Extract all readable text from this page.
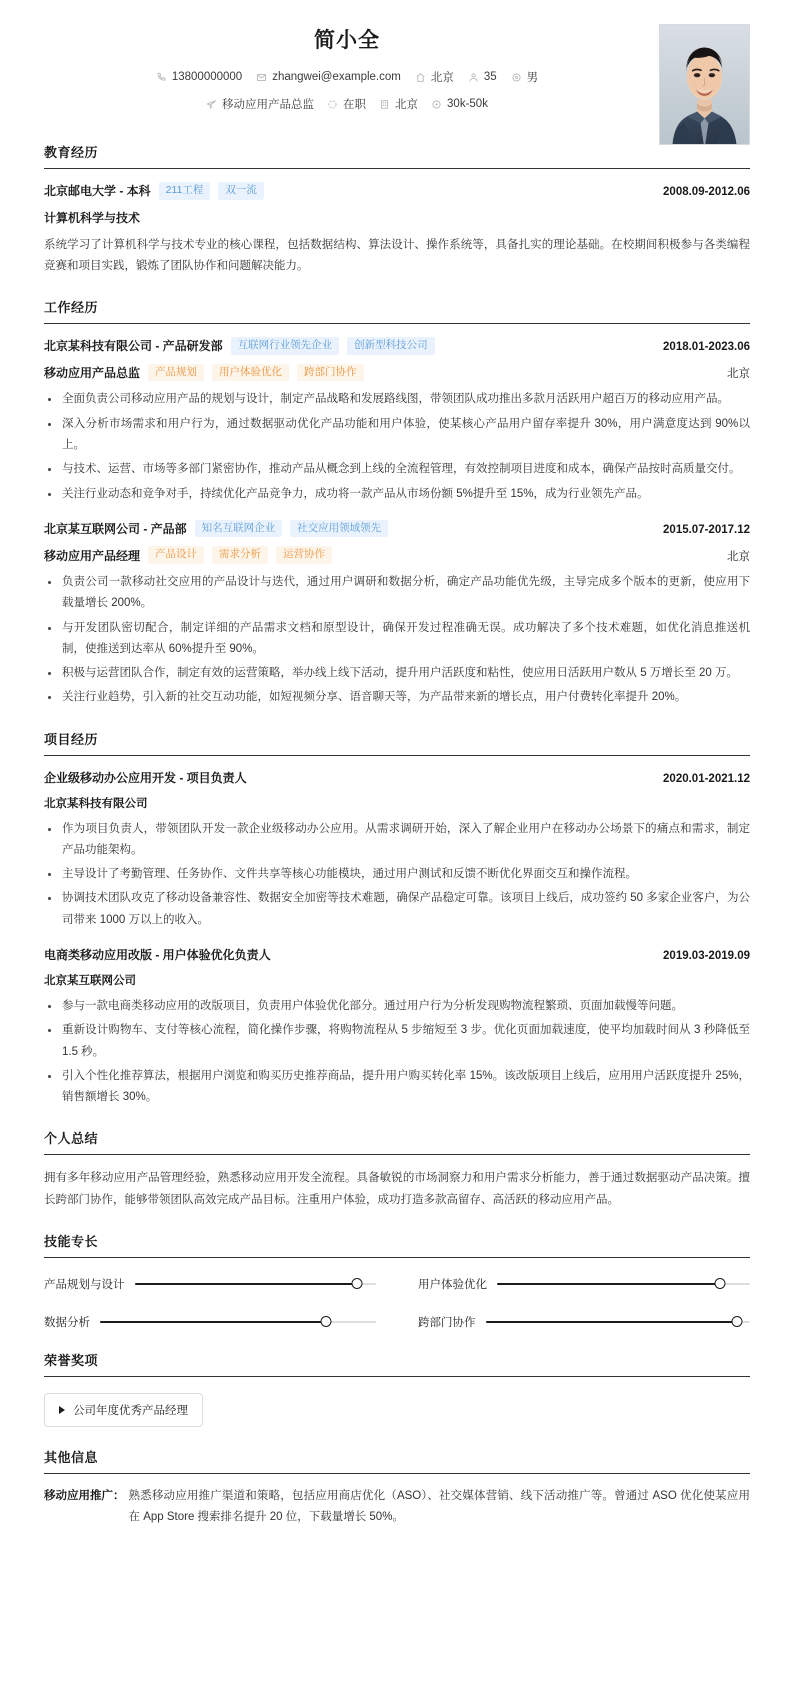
简小全
13800000000	zhangwei@example.com	北京	35	男
移动应用产品总监	在职	北京	30k-50k
教育经历
北京邮电大学 - 本科	211工程	双一流	2008.09-2012.06
计算机科学与技术
系统学习了计算机科学与技术专业的核心课程，包括数据结构、算法设计、操作系统等，具备扎实的理论基础。在校期间积极参与各类编程竞赛和项目实践，锻炼了团队协作和问题解决能力。
工作经历
北京某科技有限公司 - 产品研发部	互联网行业领先企业	创新型科技公司	2018.01-2023.06
移动应用产品总监	产品规划	用户体验优化	跨部门协作	北京
全面负责公司移动应用产品的规划与设计，制定产品战略和发展路线图，带领团队成功推出多款月活跃用户超百万的移动应用产品。
深入分析市场需求和用户行为，通过数据驱动优化产品功能和用户体验，使某核心产品用户留存率提升 30%，用户满意度达到 90%以上。
与技术、运营、市场等多部门紧密协作，推动产品从概念到上线的全流程管理，有效控制项目进度和成本，确保产品按时高质量交付。
关注行业动态和竞争对手，持续优化产品竞争力，成功将一款产品从市场份额 5%提升至 15%，成为行业领先产品。
北京某互联网公司 - 产品部	知名互联网企业	社交应用领域领先	2015.07-2017.12
移动应用产品经理	产品设计	需求分析	运营协作	北京
负责公司一款移动社交应用的产品设计与迭代，通过用户调研和数据分析，确定产品功能优先级，主导完成多个版本的更新，使应用下载量增长 200%。
与开发团队密切配合，制定详细的产品需求文档和原型设计，确保开发过程准确无误。成功解决了多个技术难题，如优化消息推送机制，使推送到达率从 60%提升至 90%。
积极与运营团队合作，制定有效的运营策略，举办线上线下活动，提升用户活跃度和粘性，使应用日活跃用户数从 5 万增长至 20 万。
关注行业趋势，引入新的社交互动功能，如短视频分享、语音聊天等，为产品带来新的增长点，用户付费转化率提升 20%。
项目经历
企业级移动办公应用开发 - 项目负责人	2020.01-2021.12
北京某科技有限公司
作为项目负责人，带领团队开发一款企业级移动办公应用。从需求调研开始，深入了解企业用户在移动办公场景下的痛点和需求，制定产品功能架构。
主导设计了考勤管理、任务协作、文件共享等核心功能模块，通过用户测试和反馈不断优化界面交互和操作流程。
协调技术团队攻克了移动设备兼容性、数据安全加密等技术难题，确保产品稳定可靠。该项目上线后，成功签约 50 多家企业客户，为公司带来 1000 万以上的收入。
电商类移动应用改版 - 用户体验优化负责人	2019.03-2019.09
北京某互联网公司
参与一款电商类移动应用的改版项目，负责用户体验优化部分。通过用户行为分析发现购物流程繁琐、页面加载慢等问题。
重新设计购物车、支付等核心流程，简化操作步骤，将购物流程从 5 步缩短至 3 步。优化页面加载速度，使平均加载时间从 3 秒降低至 1.5 秒。
引入个性化推荐算法，根据用户浏览和购买历史推荐商品，提升用户购买转化率 15%。该改版项目上线后，应用用户活跃度提升 25%，销售额增长 30%。
个人总结
拥有多年移动应用产品管理经验，熟悉移动应用开发全流程。具备敏锐的市场洞察力和用户需求分析能力，善于通过数据驱动产品决策。擅长跨部门协作，能够带领团队高效完成产品目标。注重用户体验，成功打造多款高留存、高活跃的移动应用产品。
技能专长
产品规划与设计	用户体验优化
数据分析	跨部门协作
荣誉奖项
公司年度优秀产品经理
其他信息
移动应用推广： 熟悉移动应用推广渠道和策略，包括应用商店优化（ASO）、社交媒体营销、线下活动推广等。曾通过 ASO 优化使某应用在 App Store 搜索排名提升 20 位，下载量增长 50%。
